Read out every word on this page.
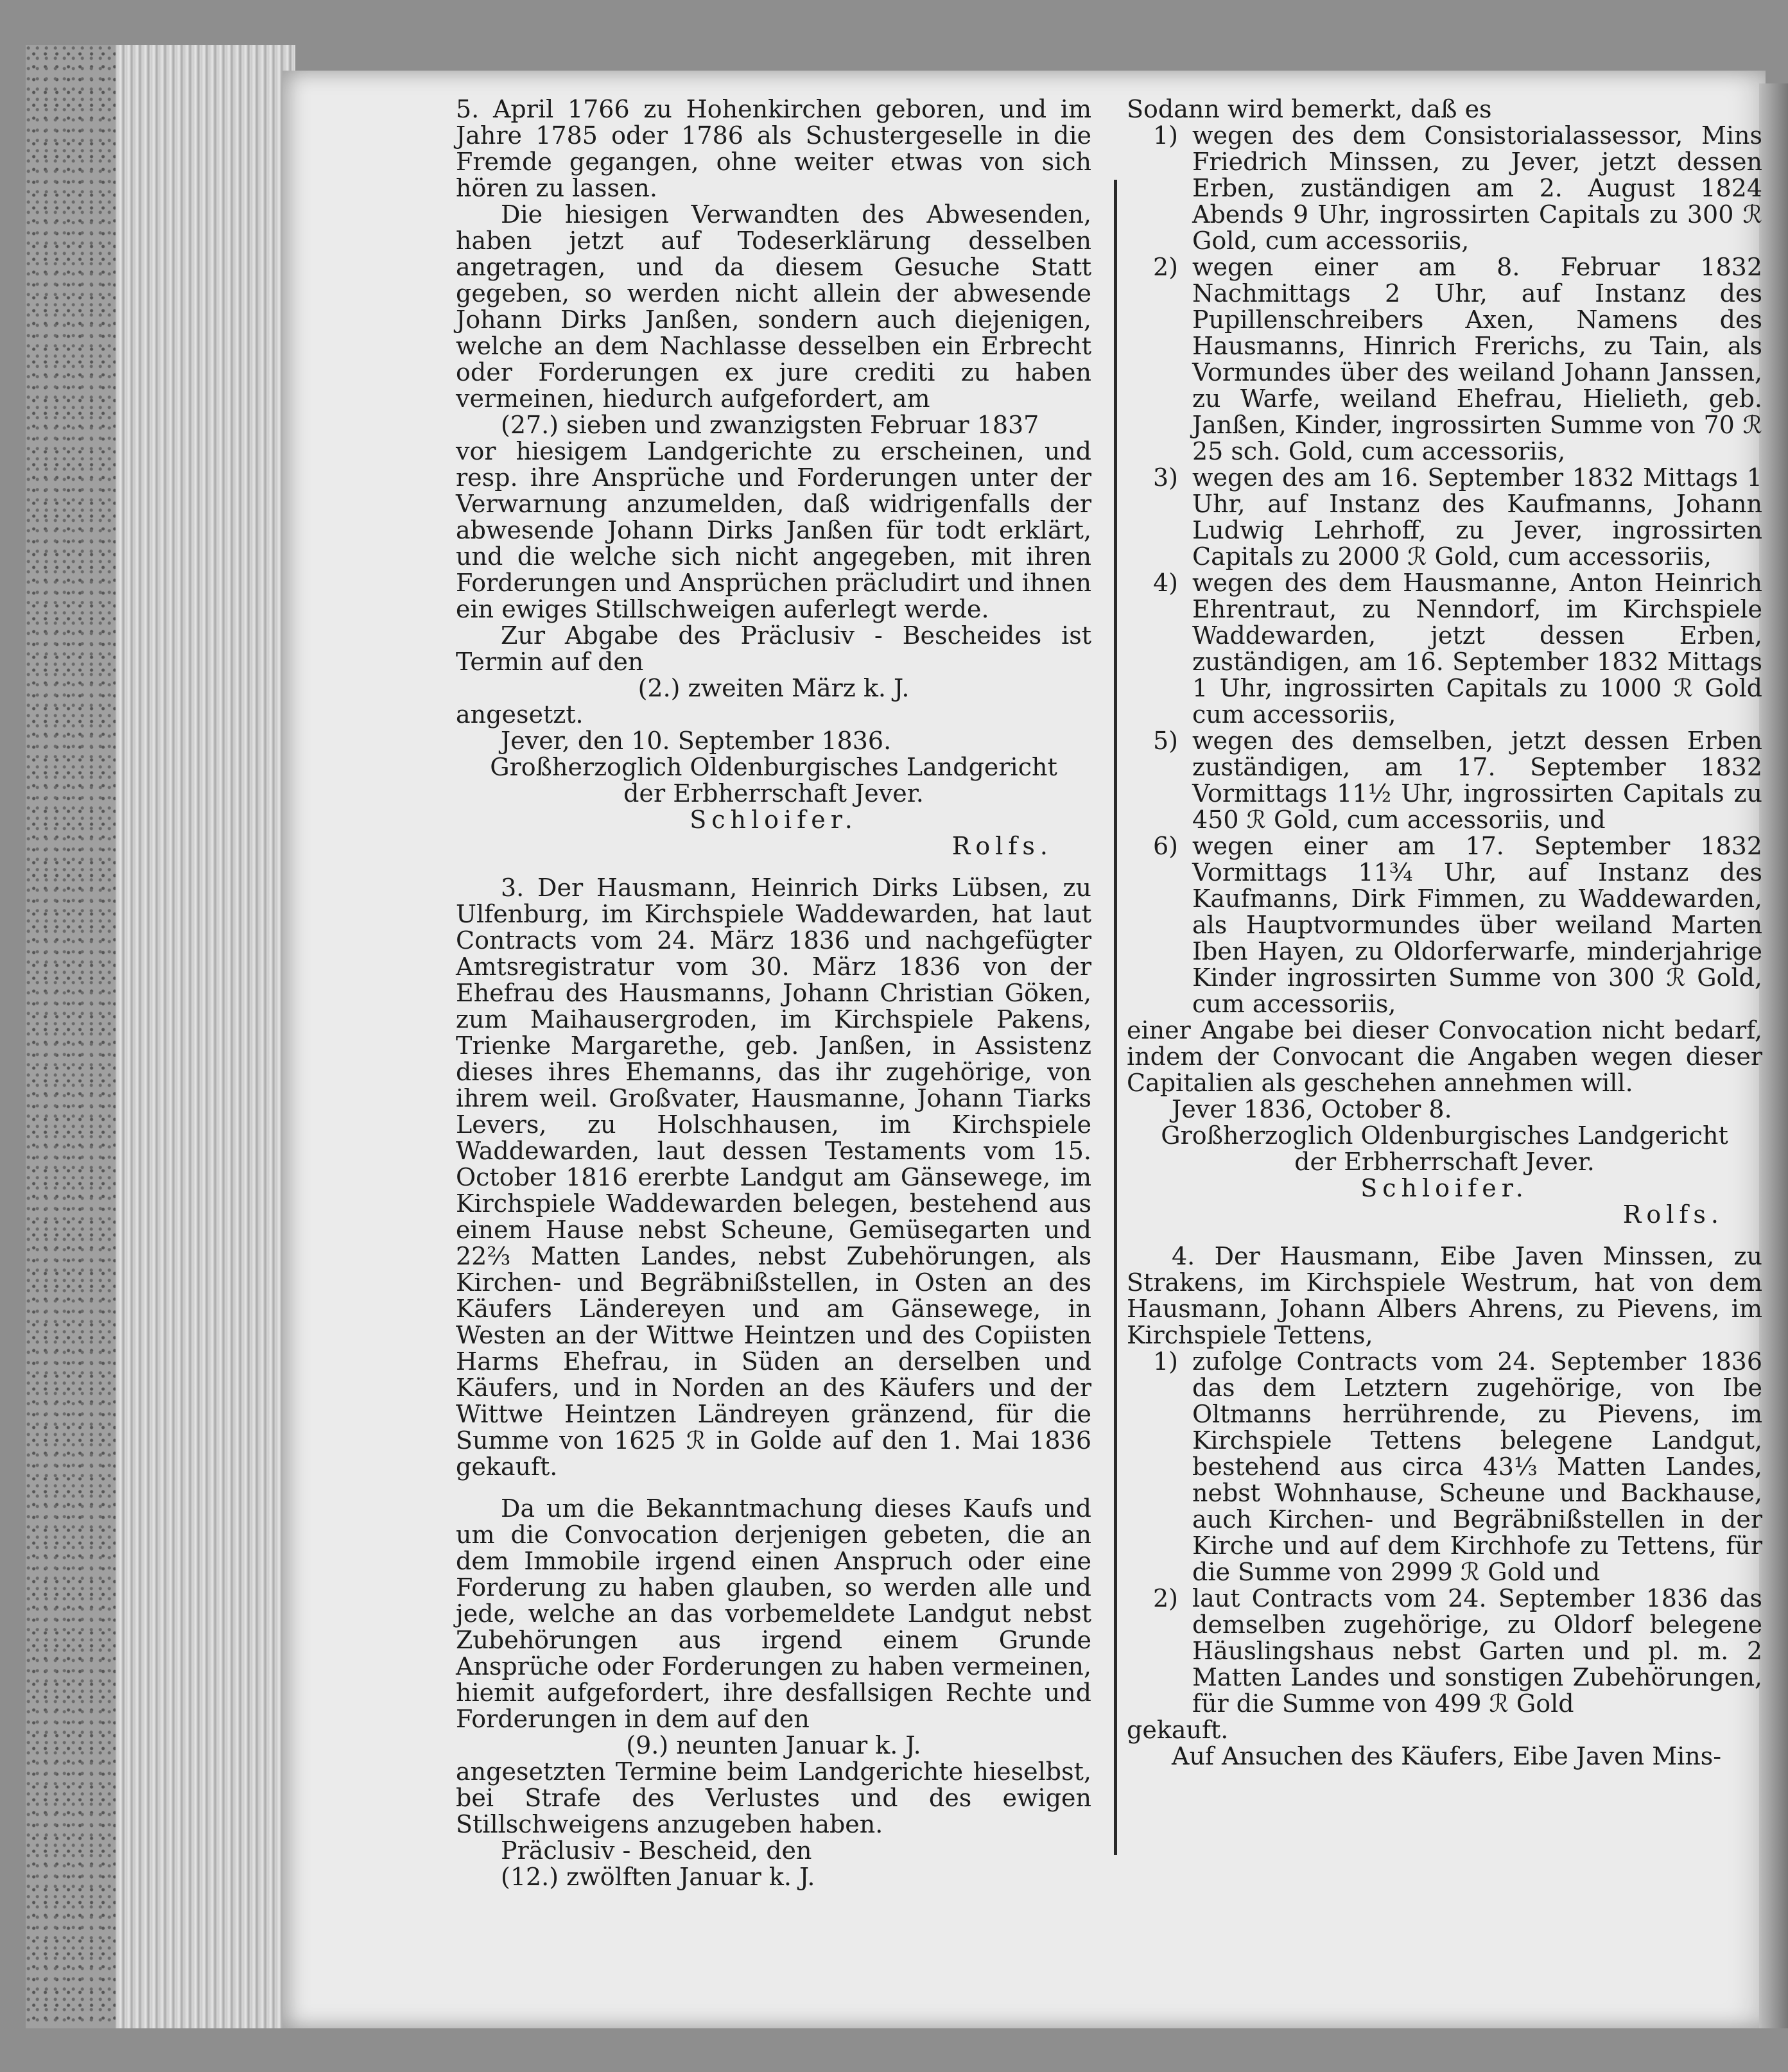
5. April 1766 zu Hohenkirchen geboren, und im Jahre 1785 oder 1786 als Schustergeselle in die Fremde gegangen, ohne weiter etwas von sich hören zu lassen.

Die hiesigen Verwandten des Abwesenden, haben jetzt auf Todeserklärung desselben angetragen, und da diesem Gesuche Statt gegeben, so werden nicht allein der abwesende Johann Dirks Janßen, sondern auch diejenigen, welche an dem Nachlasse desselben ein Erbrecht oder Forderungen ex jure crediti zu haben vermeinen, hiedurch aufgefordert, am

(27.) sieben und zwanzigsten Februar 1837

vor hiesigem Landgerichte zu erscheinen, und resp. ihre Ansprüche und Forderungen unter der Verwarnung anzumelden, daß widrigenfalls der abwesende Johann Dirks Janßen für todt erklärt, und die welche sich nicht angegeben, mit ihren Forderungen und Ansprüchen präcludirt und ihnen ein ewiges Stillschweigen auferlegt werde.

Zur Abgabe des Präclusiv - Bescheides ist Termin auf den

(2.) zweiten März k. J.

angesetzt.

Jever, den 10. September 1836.

Großherzoglich Oldenburgisches Landgericht

der Erbherrschaft Jever.

Schloifer.

Rolfs.

3. Der Hausmann, Heinrich Dirks Lübsen, zu Ulfenburg, im Kirchspiele Waddewarden, hat laut Contracts vom 24. März 1836 und nachgefügter Amtsregistratur vom 30. März 1836 von der Ehefrau des Hausmanns, Johann Christian Göken, zum Maihausergroden, im Kirchspiele Pakens, Trienke Margarethe, geb. Janßen, in Assistenz dieses ihres Ehemanns, das ihr zugehörige, von ihrem weil. Großvater, Hausmanne, Johann Tiarks Levers, zu Holschhausen, im Kirchspiele Waddewarden, laut dessen Testaments vom 15. October 1816 ererbte Landgut am Gänsewege, im Kirchspiele Waddewarden belegen, bestehend aus einem Hause nebst Scheune, Gemüsegarten und 22⅔ Matten Landes, nebst Zubehörungen, als Kirchen- und Begräbnißstellen, in Osten an des Käufers Ländereyen und am Gänsewege, in Westen an der Wittwe Heintzen und des Copiisten Harms Ehefrau, in Süden an derselben und Käufers, und in Norden an des Käufers und der Wittwe Heintzen Ländreyen gränzend, für die Summe von 1625 ℛ in Golde auf den 1. Mai 1836 gekauft.

Da um die Bekanntmachung dieses Kaufs und um die Convocation derjenigen gebeten, die an dem Immobile irgend einen Anspruch oder eine Forderung zu haben glauben, so werden alle und jede, welche an das vorbemeldete Landgut nebst Zubehörungen aus irgend einem Grunde Ansprüche oder Forderungen zu haben vermeinen, hiemit aufgefordert, ihre desfallsigen Rechte und Forderungen in dem auf den

(9.) neunten Januar k. J.

angesetzten Termine beim Landgerichte hieselbst, bei Strafe des Verlustes und des ewigen Stillschweigens anzugeben haben.

Präclusiv - Bescheid, den

(12.) zwölften Januar k. J.

Sodann wird bemerkt, daß es

1) wegen des dem Consistorialassessor, Mins Friedrich Minssen, zu Jever, jetzt dessen Erben, zuständigen am 2. August 1824 Abends 9 Uhr, ingrossirten Capitals zu 300 ℛ Gold, cum accessoriis,
2) wegen einer am 8. Februar 1832 Nachmittags 2 Uhr, auf Instanz des Pupillenschreibers Axen, Namens des Hausmanns, Hinrich Frerichs, zu Tain, als Vormundes über des weiland Johann Janssen, zu Warfe, weiland Ehefrau, Hielieth, geb. Janßen, Kinder, ingrossirten Summe von 70 ℛ 25 sch. Gold, cum accessoriis,
3) wegen des am 16. September 1832 Mittags 1 Uhr, auf Instanz des Kaufmanns, Johann Ludwig Lehrhoff, zu Jever, ingrossirten Capitals zu 2000 ℛ Gold, cum accessoriis,
4) wegen des dem Hausmanne, Anton Heinrich Ehrentraut, zu Nenndorf, im Kirchspiele Waddewarden, jetzt dessen Erben, zuständigen, am 16. September 1832 Mittags 1 Uhr, ingrossirten Capitals zu 1000 ℛ Gold cum accessoriis,
5) wegen des demselben, jetzt dessen Erben zuständigen, am 17. September 1832 Vormittags 11½ Uhr, ingrossirten Capitals zu 450 ℛ Gold, cum accessoriis, und
6) wegen einer am 17. September 1832 Vormittags 11¾ Uhr, auf Instanz des Kaufmanns, Dirk Fimmen, zu Waddewarden, als Hauptvormundes über weiland Marten Iben Hayen, zu Oldorferwarfe, minderjahrige Kinder ingrossirten Summe von 300 ℛ Gold, cum accessoriis,

einer Angabe bei dieser Convocation nicht bedarf, indem der Convocant die Angaben wegen dieser Capitalien als geschehen annehmen will.

Jever 1836, October 8.

Großherzoglich Oldenburgisches Landgericht

der Erbherrschaft Jever.

Schloifer.

Rolfs.

4. Der Hausmann, Eibe Javen Minssen, zu Strakens, im Kirchspiele Westrum, hat von dem Hausmann, Johann Albers Ahrens, zu Pievens, im Kirchspiele Tettens,

1) zufolge Contracts vom 24. September 1836 das dem Letztern zugehörige, von Ibe Oltmanns herrührende, zu Pievens, im Kirchspiele Tettens belegene Landgut, bestehend aus circa 43⅓ Matten Landes, nebst Wohnhause, Scheune und Backhause, auch Kirchen- und Begräbnißstellen in der Kirche und auf dem Kirchhofe zu Tettens, für die Summe von 2999 ℛ Gold und
2) laut Contracts vom 24. September 1836 das demselben zugehörige, zu Oldorf belegene Häuslingshaus nebst Garten und pl. m. 2 Matten Landes und sonstigen Zubehörungen, für die Summe von 499 ℛ Gold

gekauft.

Auf Ansuchen des Käufers, Eibe Javen Mins-
